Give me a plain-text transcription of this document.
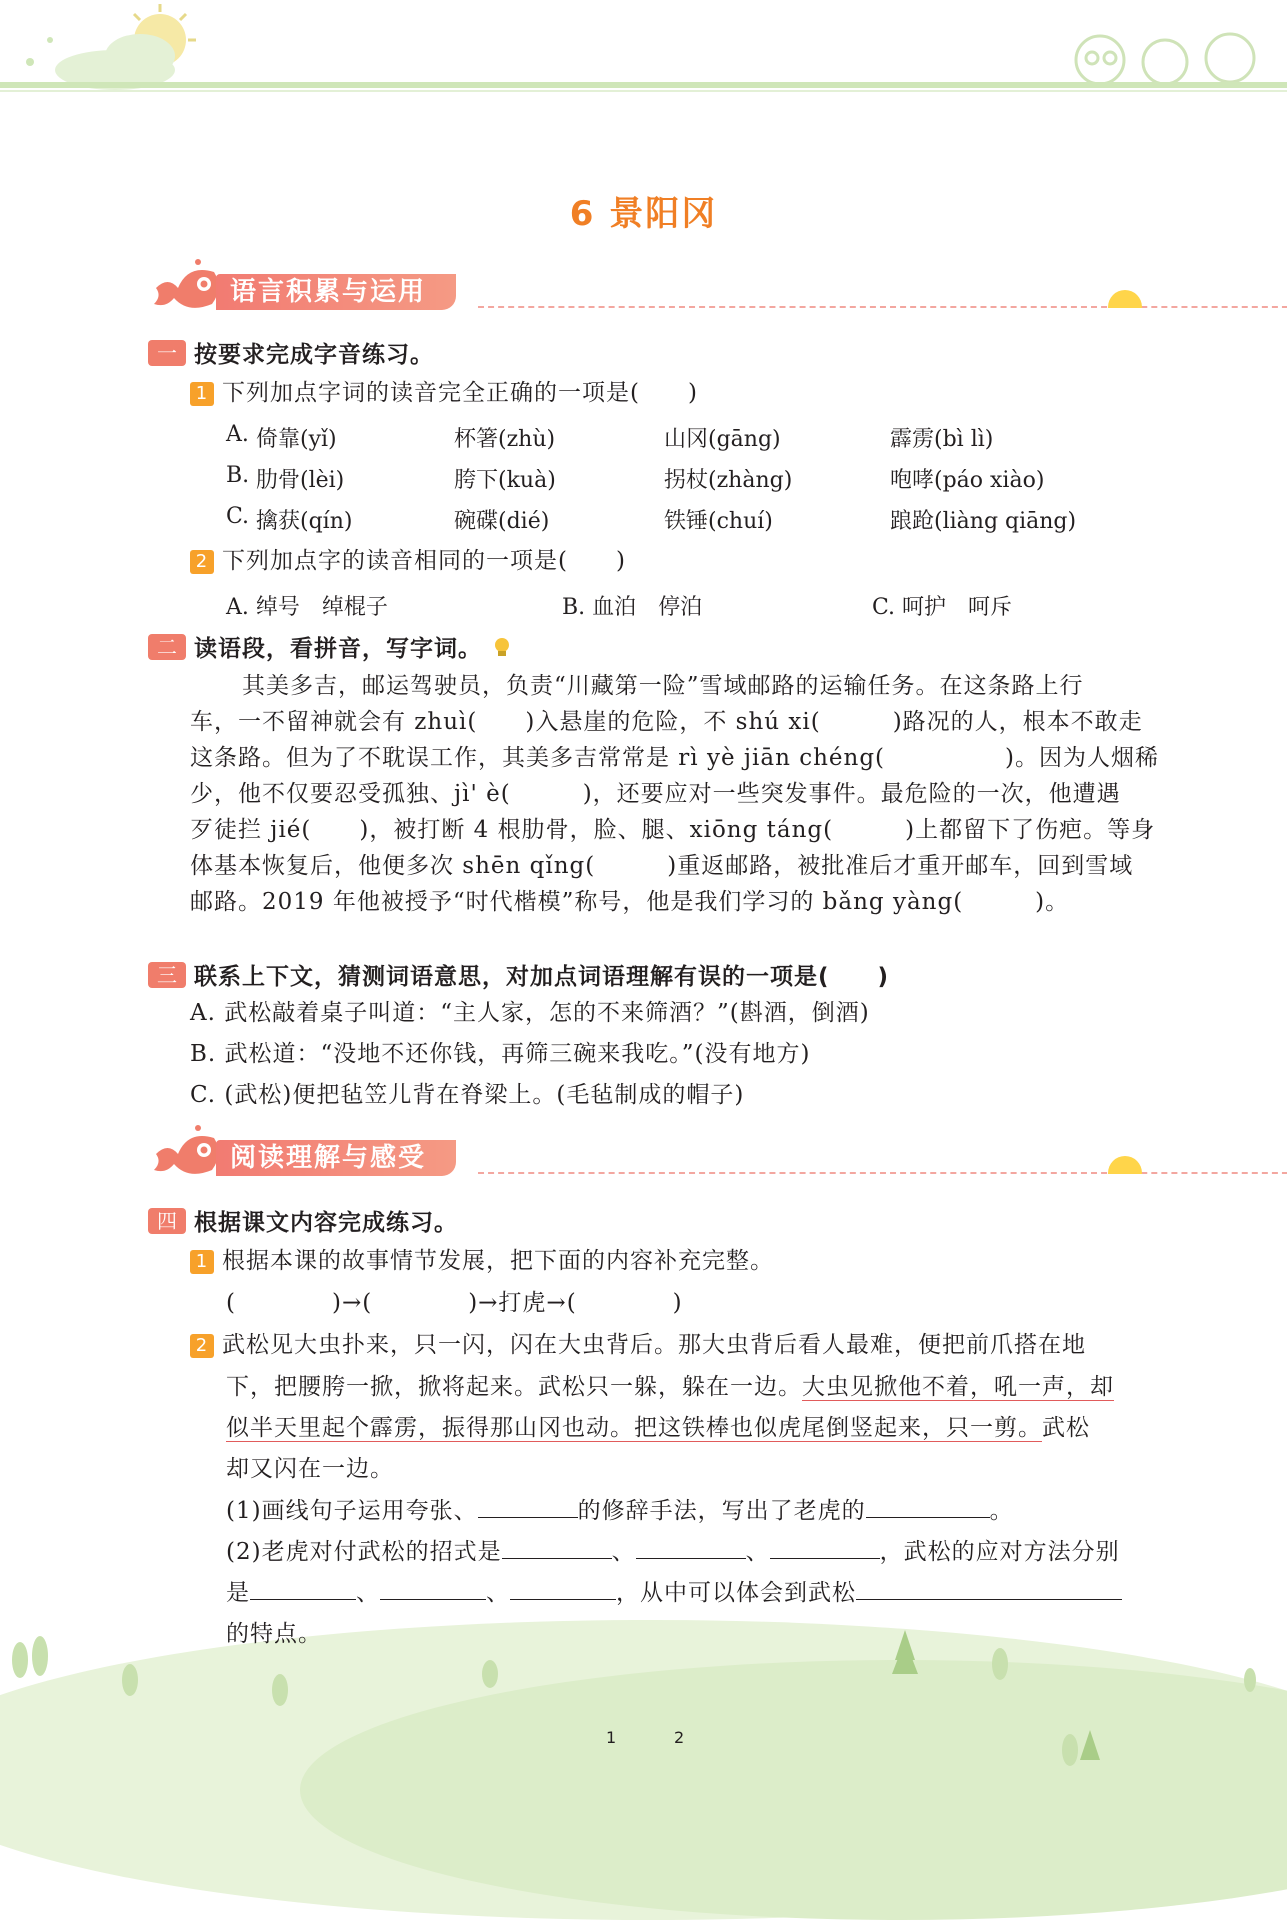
6 景阳冈
语言积累与运用
一 按要求完成字音练习。
1 下列加点字词的读音完全正确的一项是(　　)
A. 倚靠(yǐ)	杯箸(zhù)	山冈(gāng)	霹雳(bì lì)
B. 肋骨(lèi)	胯下(kuà)	拐杖(zhàng)	咆哮(páo xiào)
C. 擒获(qín)	碗碟(dié)	铁锤(chuí)	踉跄(liàng qiāng)
2 下列加点字的读音相同的一项是(　　)
A. 绰号　绰棍子	B. 血泊　停泊	C. 呵护　呵斥
二 读语段，看拼音，写字词。
其美多吉，邮运驾驶员，负责“川藏第一险”雪域邮路的运输任务。在这条路上行
车，一不留神就会有 zhuì(　　)入悬崖的危险，不 shú xi(　　　)路况的人，根本不敢走
这条路。但为了不耽误工作，其美多吉常常是 rì yè jiān chéng(　　　　　)。因为人烟稀
少，他不仅要忍受孤独、jì' è(　　　)，还要应对一些突发事件。最危险的一次，他遭遇
歹徒拦 jié(　　)，被打断 4 根肋骨，脸、腿、xiōng táng(　　　)上都留下了伤疤。等身
体基本恢复后，他便多次 shēn qǐng(　　　)重返邮路，被批准后才重开邮车，回到雪域
邮路。2019 年他被授予“时代楷模”称号，他是我们学习的 bǎng yàng(　　　)。
三 联系上下文，猜测词语意思，对加点词语理解有误的一项是(　　)
A. 武松敲着桌子叫道：“主人家，怎的不来筛酒？”(斟酒，倒酒)
B. 武松道：“没地不还你钱，再筛三碗来我吃。”(没有地方)
C. (武松)便把毡笠儿背在脊梁上。(毛毡制成的帽子)
阅读理解与感受
四 根据课文内容完成练习。
1 根据本课的故事情节发展，把下面的内容补充完整。
(　　　　)→(　　　　)→打虎→(　　　　)
2 武松见大虫扑来，只一闪，闪在大虫背后。那大虫背后看人最难，便把前爪搭在地
下，把腰胯一掀，掀将起来。武松只一躲，躲在一边。大虫见掀他不着，吼一声，却
似半天里起个霹雳，振得那山冈也动。把这铁棒也似虎尾倒竖起来，只一剪。武松
却又闪在一边。
(1)画线句子运用夸张、	的修辞手法，写出了老虎的	。
(2)老虎对付武松的招式是	、	、	，武松的应对方法分别
是	、	、	，从中可以体会到武松
的特点。
1	2
